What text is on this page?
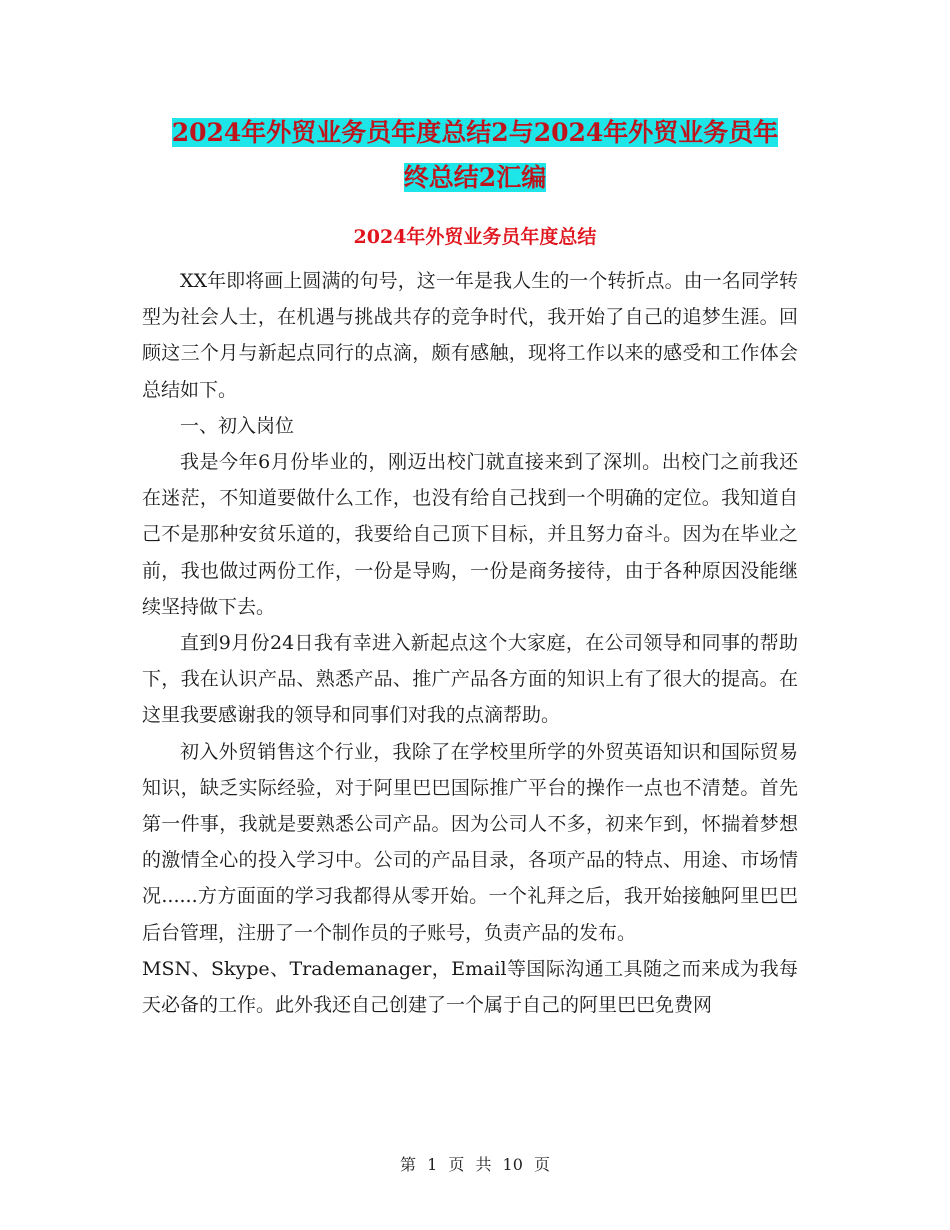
2024年外贸业务员年度总结2与2024年外贸业务员年
终总结2汇编
2024年外贸业务员年度总结

XX年即将画上圆满的句号，这一年是我人生的一个转折点。由一名同学转型为社会人士，在机遇与挑战共存的竞争时代，我开始了自己的追梦生涯。回顾这三个月与新起点同行的点滴，颇有感触，现将工作以来的感受和工作体会总结如下。

一、初入岗位

我是今年6月份毕业的，刚迈出校门就直接来到了深圳。出校门之前我还在迷茫，不知道要做什么工作，也没有给自己找到一个明确的定位。我知道自己不是那种安贫乐道的，我要给自己顶下目标，并且努力奋斗。因为在毕业之前，我也做过两份工作，一份是导购，一份是商务接待，由于各种原因没能继续坚持做下去。

直到9月份24日我有幸进入新起点这个大家庭，在公司领导和同事的帮助下，我在认识产品、熟悉产品、推广产品各方面的知识上有了很大的提高。在这里我要感谢我的领导和同事们对我的点滴帮助。

初入外贸销售这个行业，我除了在学校里所学的外贸英语知识和国际贸易知识，缺乏实际经验，对于阿里巴巴国际推广平台的操作一点也不清楚。首先第一件事，我就是要熟悉公司产品。因为公司人不多，初来乍到，怀揣着梦想的激情全心的投入学习中。公司的产品目录，各项产品的特点、用途、市场情况......方方面面的学习我都得从零开始。一个礼拜之后，我开始接触阿里巴巴后台管理，注册了一个制作员的子账号，负责产品的发布。

MSN、Skype、Trademanager，Email等国际沟通工具随之而来成为我每天必备的工作。此外我还自己创建了一个属于自己的阿里巴巴免费网

第 1 页 共 10 页
